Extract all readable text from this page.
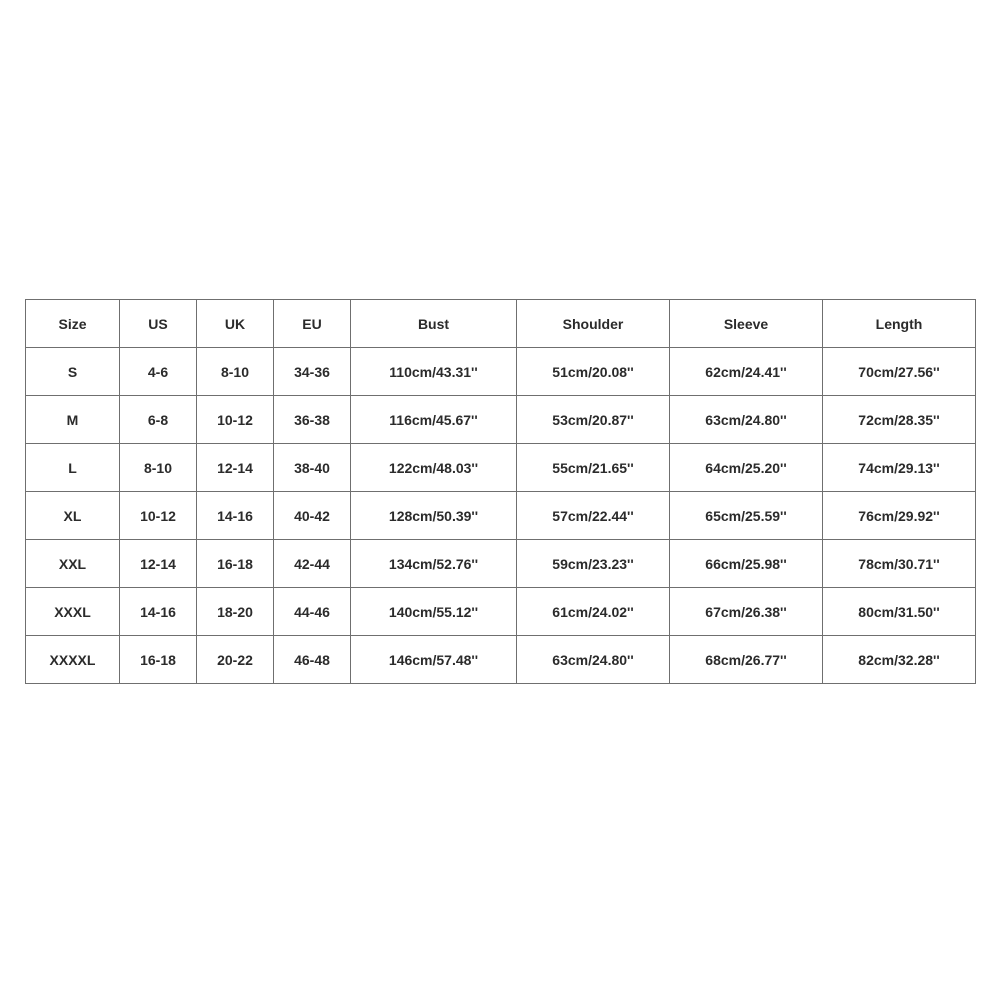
Size	US	UK	EU	Bust	Shoulder	Sleeve	Length
S	4-6	8-10	34-36	110cm/43.31''	51cm/20.08''	62cm/24.41''	70cm/27.56''
M	6-8	10-12	36-38	116cm/45.67''	53cm/20.87''	63cm/24.80''	72cm/28.35''
L	8-10	12-14	38-40	122cm/48.03''	55cm/21.65''	64cm/25.20''	74cm/29.13''
XL	10-12	14-16	40-42	128cm/50.39''	57cm/22.44''	65cm/25.59''	76cm/29.92''
XXL	12-14	16-18	42-44	134cm/52.76''	59cm/23.23''	66cm/25.98''	78cm/30.71''
XXXL	14-16	18-20	44-46	140cm/55.12''	61cm/24.02''	67cm/26.38''	80cm/31.50''
XXXXL	16-18	20-22	46-48	146cm/57.48''	63cm/24.80''	68cm/26.77''	82cm/32.28''
